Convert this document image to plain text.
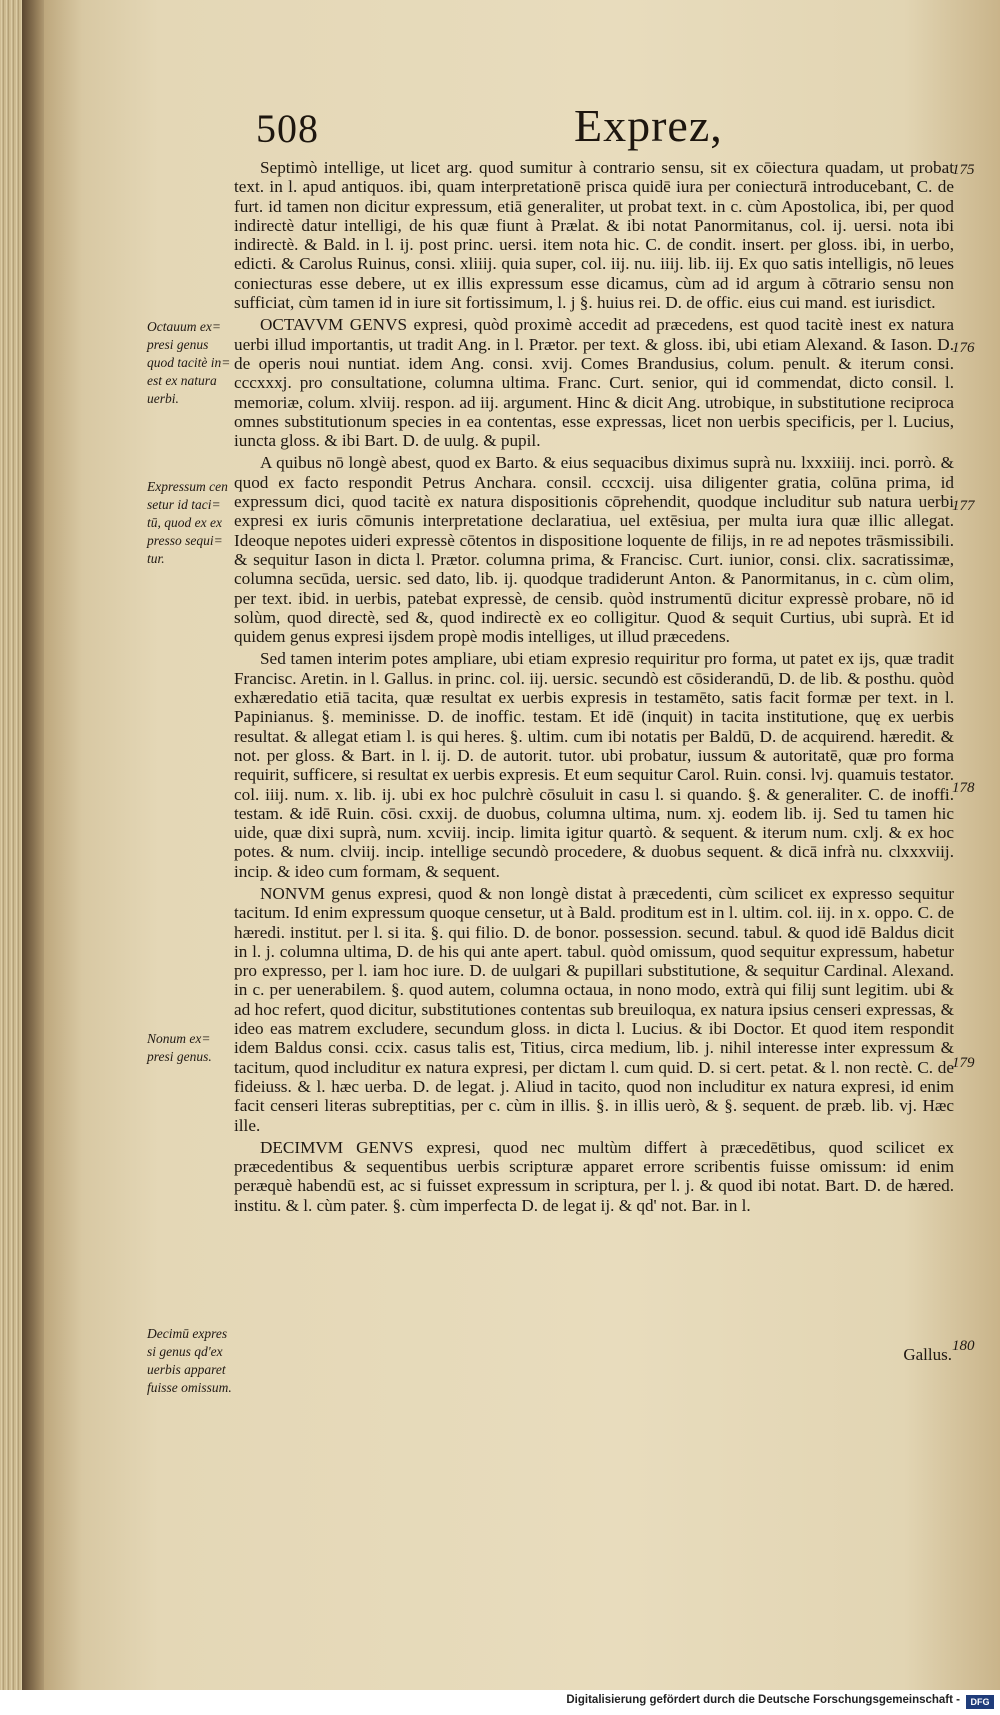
508	Exprez,

Septimò intellige, ut licet arg. quod sumitur à contrario sensu, sit ex cōiectura quadam, ut probat text. in l. apud antiquos. ibi, quam interpretationē prisca quidē iura per coniecturā introducebant, C. de furt. id tamen non dicitur expressum, etiā generaliter, ut probat text. in c. cùm Apostolica, ibi, per quod indirectè datur intelligi, de his quæ fiunt à Prælat. & ibi notat Panormitanus, col. ij. uersi. nota ibi indirectè. & Bald. in l. ij. post princ. uersi. item nota hic. C. de condit. insert. per gloss. ibi, in uerbo, edicti. & Carolus Ruinus, consi. xliiij. quia super, col. iij. nu. iiij. lib. iij. Ex quo satis intelligis, nō leues coniecturas esse debere, ut ex illis expressum esse dicamus, cùm ad id argum à cōtrario sensu non sufficiat, cùm tamen id in iure sit fortissimum, l. j §. huius rei. D. de offic. eius cui mand. est iurisdict.

OCTAVVM GENVS expresi, quòd proximè accedit ad præcedens, est quod tacitè inest ex natura uerbi illud importantis, ut tradit Ang. in l. Prætor. per text. & gloss. ibi, ubi etiam Alexand. & Iason. D. de operis noui nuntiat. idem Ang. consi. xvij. Comes Brandusius, colum. penult. & iterum consi. cccxxxj. pro consultatione, columna ultima. Franc. Curt. senior, qui id commendat, dicto consil. l. memoriæ, colum. xlviij. respon. ad iij. argument. Hinc & dicit Ang. utrobique, in substitutione reciproca omnes substitutionum species in ea contentas, esse expressas, licet non uerbis specificis, per l. Lucius, iuncta gloss. & ibi Bart. D. de uulg. & pupil.

A quibus nō longè abest, quod ex Barto. & eius sequacibus diximus suprà nu. lxxxiiij. inci. porrò. & quod ex facto respondit Petrus Anchara. consil. cccxcij. uisa diligenter gratia, colūna prima, id expressum dici, quod tacitè ex natura dispositionis cōprehendit, quodque includitur sub natura uerbi expresi ex iuris cōmunis interpretatione declaratiua, uel extēsiua, per multa iura quæ illic allegat. Ideoque nepotes uideri expressè cōtentos in dispositione loquente de filijs, in re ad nepotes trāsmissibili. & sequitur Iason in dicta l. Prætor. columna prima, & Francisc. Curt. iunior, consi. clix. sacratissimæ, columna secūda, uersic. sed dato, lib. ij. quodque tradiderunt Anton. & Panormitanus, in c. cùm olim, per text. ibid. in uerbis, patebat expressè, de censib. quòd instrumentū dicitur expressè probare, nō id solùm, quod directè, sed &, quod indirectè ex eo colligitur. Quod & sequit Curtius, ubi suprà. Et id quidem genus expresi ijsdem propè modis intelliges, ut illud præcedens.

Sed tamen interim potes ampliare, ubi etiam expresio requiritur pro forma, ut patet ex ijs, quæ tradit Francisc. Aretin. in l. Gallus. in princ. col. iij. uersic. secundò est cōsiderandū, D. de lib. & posthu. quòd exhæredatio etiā tacita, quæ resultat ex uerbis expresis in testamēto, satis facit formæ per text. in l. Papinianus. §. meminisse. D. de inoffic. testam. Et idē (inquit) in tacita institutione, quę ex uerbis resultat. & allegat etiam l. is qui heres. §. ultim. cum ibi notatis per Baldū, D. de acquirend. hæredit. & not. per gloss. & Bart. in l. ij. D. de autorit. tutor. ubi probatur, iussum & autoritatē, quæ pro forma requirit, sufficere, si resultat ex uerbis expresis. Et eum sequitur Carol. Ruin. consi. lvj. quamuis testator. col. iiij. num. x. lib. ij. ubi ex hoc pulchrè cōsuluit in casu l. si quando. §. & generaliter. C. de inoffi. testam. & idē Ruin. cōsi. cxxij. de duobus, columna ultima, num. xj. eodem lib. ij. Sed tu tamen hic uide, quæ dixi suprà, num. xcviij. incip. limita igitur quartò. & sequent. & iterum num. cxlj. & ex hoc potes. & num. clviij. incip. intellige secundò procedere, & duobus sequent. & dicā infrà nu. clxxxviij. incip. & ideo cum formam, & sequent.

NONVM genus expresi, quod & non longè distat à præcedenti, cùm scilicet ex expresso sequitur tacitum. Id enim expressum quoque censetur, ut à Bald. proditum est in l. ultim. col. iij. in x. oppo. C. de hæredi. institut. per l. si ita. §. qui filio. D. de bonor. possession. secund. tabul. & quod idē Baldus dicit in l. j. columna ultima, D. de his qui ante apert. tabul. quòd omissum, quod sequitur expressum, habetur pro expresso, per l. iam hoc iure. D. de uulgari & pupillari substitutione, & sequitur Cardinal. Alexand. in c. per uenerabilem. §. quod autem, columna octaua, in nono modo, extrà qui filij sunt legitim. ubi & ad hoc refert, quod dicitur, substitutiones contentas sub breuiloqua, ex natura ipsius censeri expressas, & ideo eas matrem excludere, secundum gloss. in dicta l. Lucius. & ibi Doctor. Et quod item respondit idem Baldus consi. ccix. casus talis est, Titius, circa medium, lib. j. nihil interesse inter expressum & tacitum, quod includitur ex natura expresi, per dictam l. cum quid. D. si cert. petat. & l. non rectè. C. de fideiuss. & l. hæc uerba. D. de legat. j. Aliud in tacito, quod non includitur ex natura expresi, id enim facit censeri literas subreptitias, per c. cùm in illis. §. in illis uerò, & §. sequent. de præb. lib. vj. Hæc ille.

DECIMVM GENVS expresi, quod nec multùm differt à præcedētibus, quod scilicet ex præcedentibus & sequentibus uerbis scripturæ apparet errore scribentis fuisse omissum: id enim peræquè habendū est, ac si fuisset expressum in scriptura, per l. j. & quod ibi notat. Bart. D. de hæred. institu. & l. cùm pater. §. cùm imperfecta D. de legat ij. & qd' not. Bar. in l.

Octauum ex= presi genus quod tacitè in= est ex natura uerbi.
Expressum cen setur id taci= tū, quod ex ex presso sequi= tur.
Nonum ex= presi genus.
Decimū expres si genus qd'ex uerbis apparet fuisse omissum.
175
176
177
178
179
180
Gallus.
Digitalisierung gefördert durch die Deutsche Forschungsgemeinschaft -	DFG
